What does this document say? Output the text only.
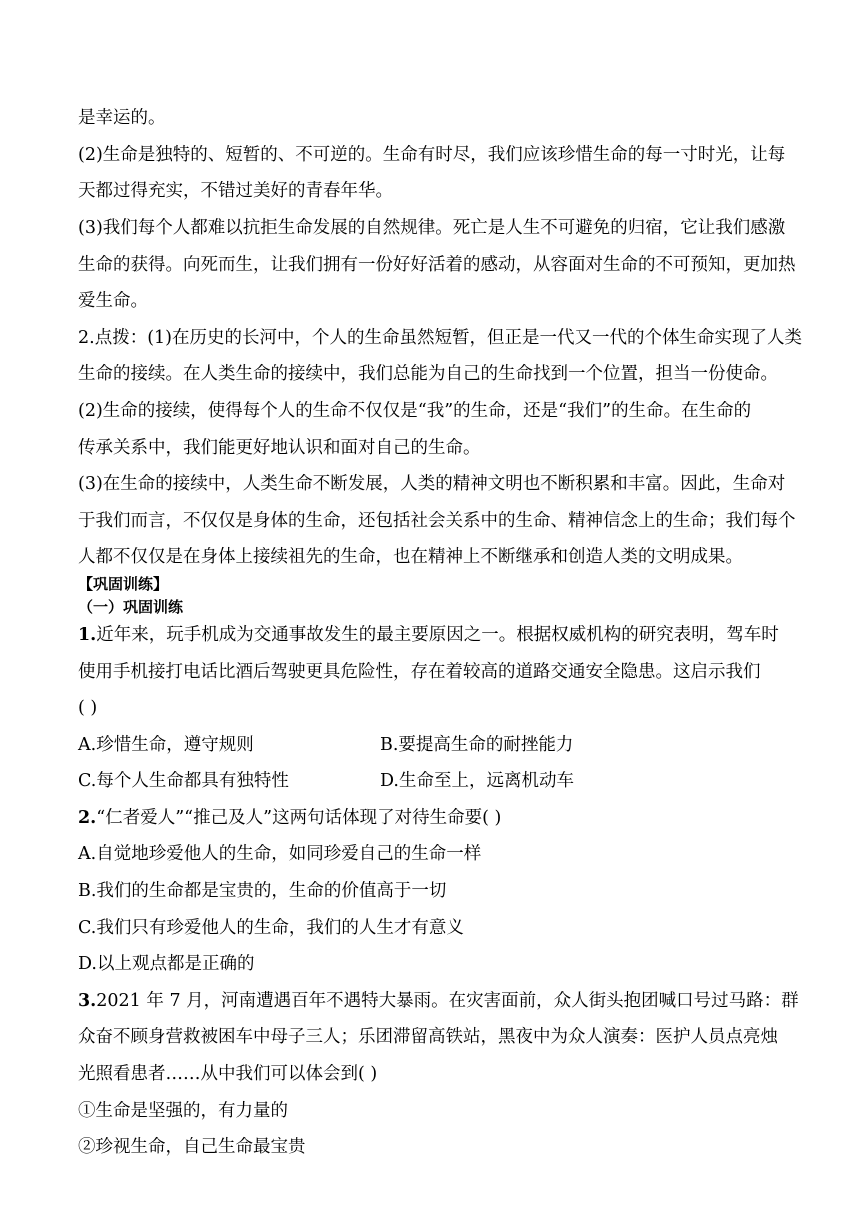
是幸运的。
(2)生命是独特的、短暂的、不可逆的。生命有时尽，我们应该珍惜生命的每一寸时光，让每
天都过得充实，不错过美好的青春年华。
(3)我们每个人都难以抗拒生命发展的自然规律。死亡是人生不可避免的归宿，它让我们感激
生命的获得。向死而生，让我们拥有一份好好活着的感动，从容面对生命的不可预知，更加热
爱生命。
2.点拨：(1)在历史的长河中，个人的生命虽然短暂，但正是一代又一代的个体生命实现了人类
生命的接续。在人类生命的接续中，我们总能为自己的生命找到一个位置，担当一份使命。
(2)生命的接续，使得每个人的生命不仅仅是“我”的生命，还是“我们”的生命。在生命的
传承关系中，我们能更好地认识和面对自己的生命。
(3)在生命的接续中，人类生命不断发展，人类的精神文明也不断积累和丰富。因此，生命对
于我们而言，不仅仅是身体的生命，还包括社会关系中的生命、精神信念上的生命；我们每个
人都不仅仅是在身体上接续祖先的生命，也在精神上不断继承和创造人类的文明成果。
【巩固训练】
（一）巩固训练
1.近年来，玩手机成为交通事故发生的最主要原因之一。根据权威机构的研究表明，驾车时
使用手机接打电话比酒后驾驶更具危险性，存在着较高的道路交通安全隐患。这启示我们
( )
A.珍惜生命，遵守规则	B.要提高生命的耐挫能力
C.每个人生命都具有独特性	D.生命至上，远离机动车
2.“仁者爱人”“推己及人”这两句话体现了对待生命要( )
A.自觉地珍爱他人的生命，如同珍爱自己的生命一样
B.我们的生命都是宝贵的，生命的价值高于一切
C.我们只有珍爱他人的生命，我们的人生才有意义
D.以上观点都是正确的
3.2021 年 7 月，河南遭遇百年不遇特大暴雨。在灾害面前，众人街头抱团喊口号过马路：群
众奋不顾身营救被困车中母子三人；乐团滞留高铁站，黑夜中为众人演奏：医护人员点亮烛
光照看患者……从中我们可以体会到( )
①生命是坚强的，有力量的
②珍视生命，自己生命最宝贵
